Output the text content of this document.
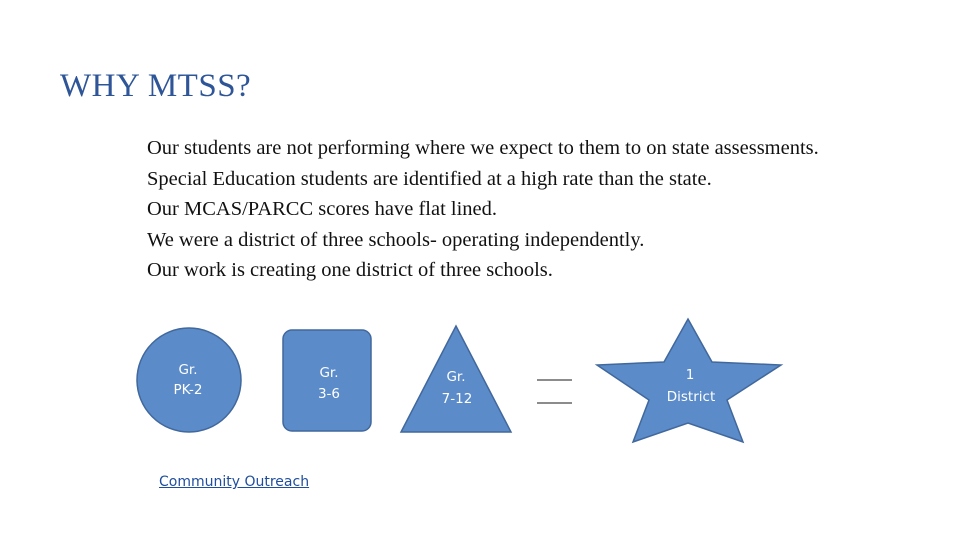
WHY MTSS?
Our students are not performing where we expect to them to on state assessments.
Special Education students are identified at a high rate than the state.
Our MCAS/PARCC scores have flat lined.
We were a district of three schools- operating independently.
Our work is creating one district of three schools.
Gr.
PK-2
Gr.
3-6
Gr.
7-12
1
District
Community Outreach
